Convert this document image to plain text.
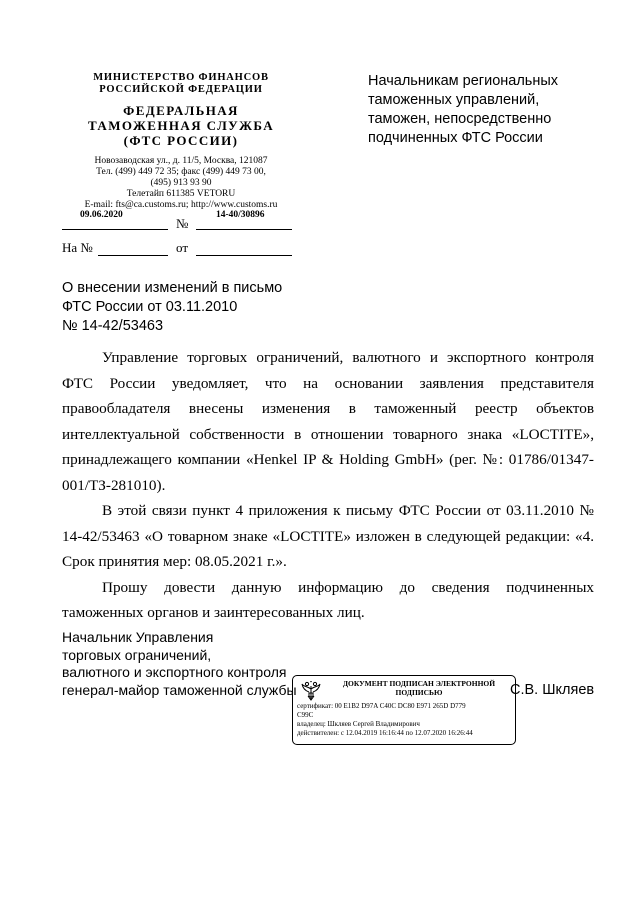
МИНИСТЕРСТВО ФИНАНСОВ
РОССИЙСКОЙ ФЕДЕРАЦИИ
ФЕДЕРАЛЬНАЯ
ТАМОЖЕННАЯ СЛУЖБА
(ФТС РОССИИ)
Новозаводская ул., д. 11/5, Москва, 121087
Тел. (499) 449 72 35; факс (499) 449 73 00,
(495) 913 93 90
Телетайп 611385 VETORU
E-mail: fts@ca.customs.ru; http://www.customs.ru
09.06.2020
№
14-40/30896
На №	от
Начальникам региональных
таможенных управлений,
таможен, непосредственно
подчиненных ФТС России
О внесении изменений в письмо
ФТС России от 03.11.2010
№ 14-42/53463

Управление торговых ограничений, валютного и экспортного контроля ФТС России уведомляет, что на основании заявления представителя правообладателя внесены изменения в таможенный реестр объектов интеллектуальной собственности в отношении товарного знака «LOCTITE», принадлежащего компании «Henkel IP & Holding GmbH» (рег. №: 01786/01347-001/ТЗ-281010).

В этой связи пункт 4 приложения к письму ФТС России от 03.11.2010 № 14-42/53463 «О товарном знаке «LOCTITE» изложен в следующей редакции: «4. Срок принятия мер: 08.05.2021 г.».

Прошу довести данную информацию до сведения подчиненных таможенных органов и заинтересованных лиц.

Начальник Управления
торговых ограничений,
валютного и экспортного контроля
генерал-майор таможенной службы	ДОКУМЕНТ ПОДПИСАН ЭЛЕКТРОННОЙ
ПОДПИСЬЮ
сертификат: 00 E1B2 D97A C40C DC80 E971 265D D779
C99C
владелец: Шкляев Сергей Владимирович
действителен: с 12.04.2019 16:16:44 по 12.07.2020 16:26:44
С.В. Шкляев
